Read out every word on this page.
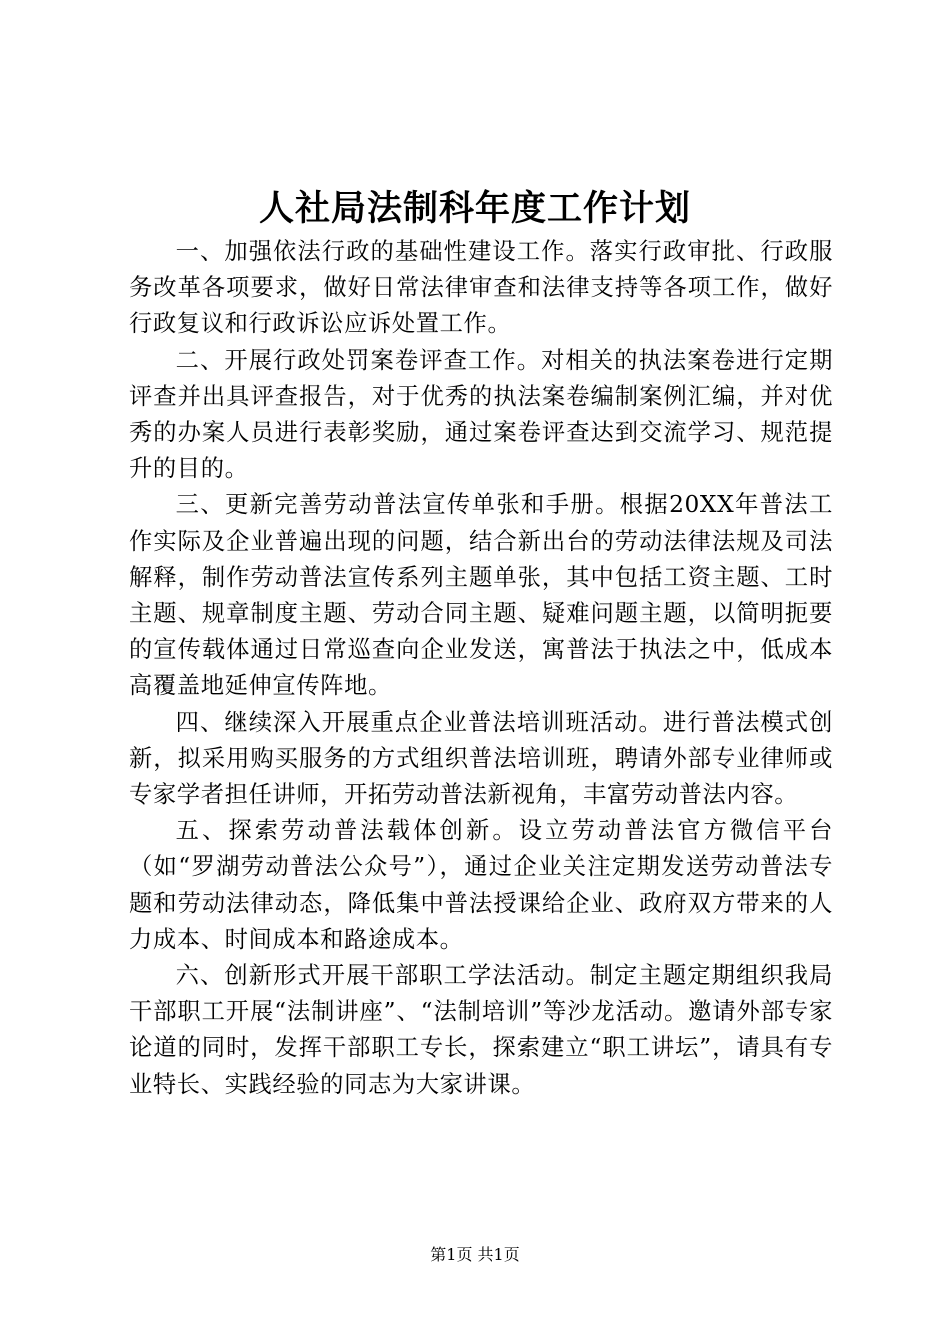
人社局法制科年度工作计划

一、加强依法行政的基础性建设工作。落实行政审批、行政服务改革各项要求，做好日常法律审查和法律支持等各项工作，做好行政复议和行政诉讼应诉处置工作。

二、开展行政处罚案卷评查工作。对相关的执法案卷进行定期评查并出具评查报告，对于优秀的执法案卷编制案例汇编，并对优秀的办案人员进行表彰奖励，通过案卷评查达到交流学习、规范提升的目的。

三、更新完善劳动普法宣传单张和手册。根据20XX年普法工作实际及企业普遍出现的问题，结合新出台的劳动法律法规及司法解释，制作劳动普法宣传系列主题单张，其中包括工资主题、工时主题、规章制度主题、劳动合同主题、疑难问题主题，以简明扼要的宣传载体通过日常巡查向企业发送，寓普法于执法之中，低成本高覆盖地延伸宣传阵地。

四、继续深入开展重点企业普法培训班活动。进行普法模式创新，拟采用购买服务的方式组织普法培训班，聘请外部专业律师或专家学者担任讲师，开拓劳动普法新视角，丰富劳动普法内容。

五、探索劳动普法载体创新。设立劳动普法官方微信平台（如“罗湖劳动普法公众号”），通过企业关注定期发送劳动普法专题和劳动法律动态，降低集中普法授课给企业、政府双方带来的人力成本、时间成本和路途成本。

六、创新形式开展干部职工学法活动。制定主题定期组织我局干部职工开展“法制讲座”、“法制培训”等沙龙活动。邀请外部专家论道的同时，发挥干部职工专长，探索建立“职工讲坛”，请具有专业特长、实践经验的同志为大家讲课。

第1页 共1页
